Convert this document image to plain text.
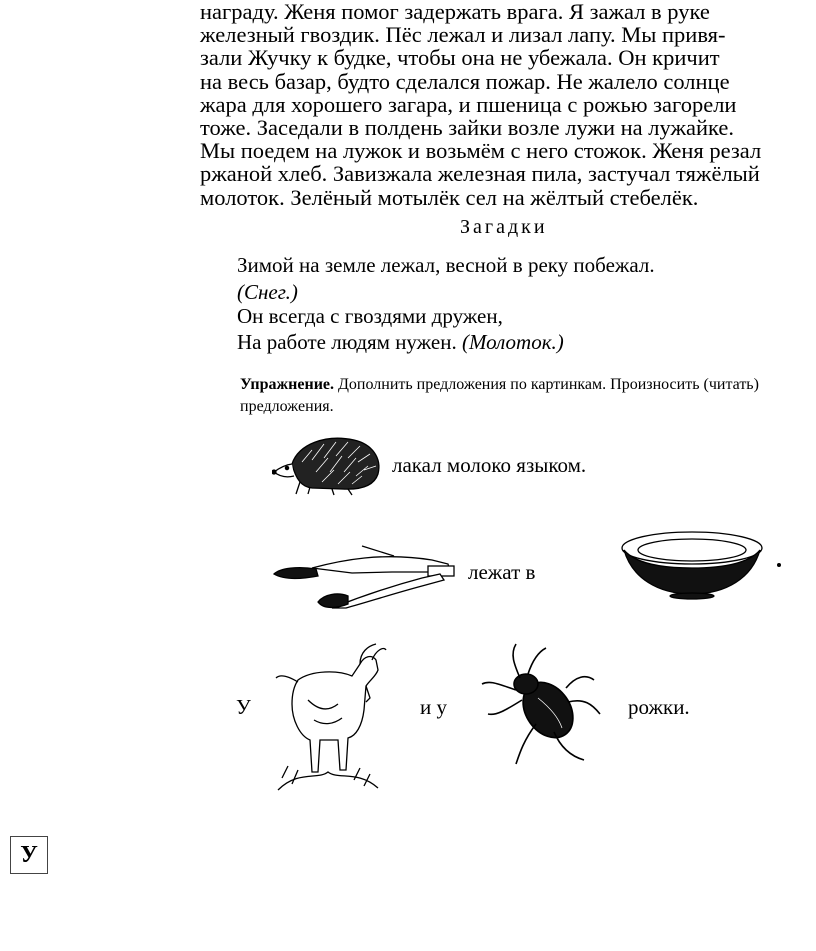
награду. Женя помог задержать врага. Я зажал в руке
железный гвоздик. Пёс лежал и лизал лапу. Мы привя-
зали Жучку к будке, чтобы она не убежала. Он кричит
на весь базар, будто сделался пожар. Не жалело солнце
жара для хорошего загара, и пшеница с рожью загорели
тоже. Заседали в полдень зайки возле лужи на лужайке.
Мы поедем на лужок и возьмём с него стожок. Женя резал
ржаной хлеб. Завизжала железная пила, застучал тяжёлый
молоток. Зелёный мотылёк сел на жёлтый стебелёк.

Загадки

Зимой на земле лежал, весной в реку побежал.

(Снег.)

Он всегда с гвоздями дружен,

На работе людям нужен. (Молоток.)

Упражнение. Дополнить предложения по картинкам. Произносить (читать) предложения.

лакал молоко языком.

лежат в

У	и у	рожки.

У
